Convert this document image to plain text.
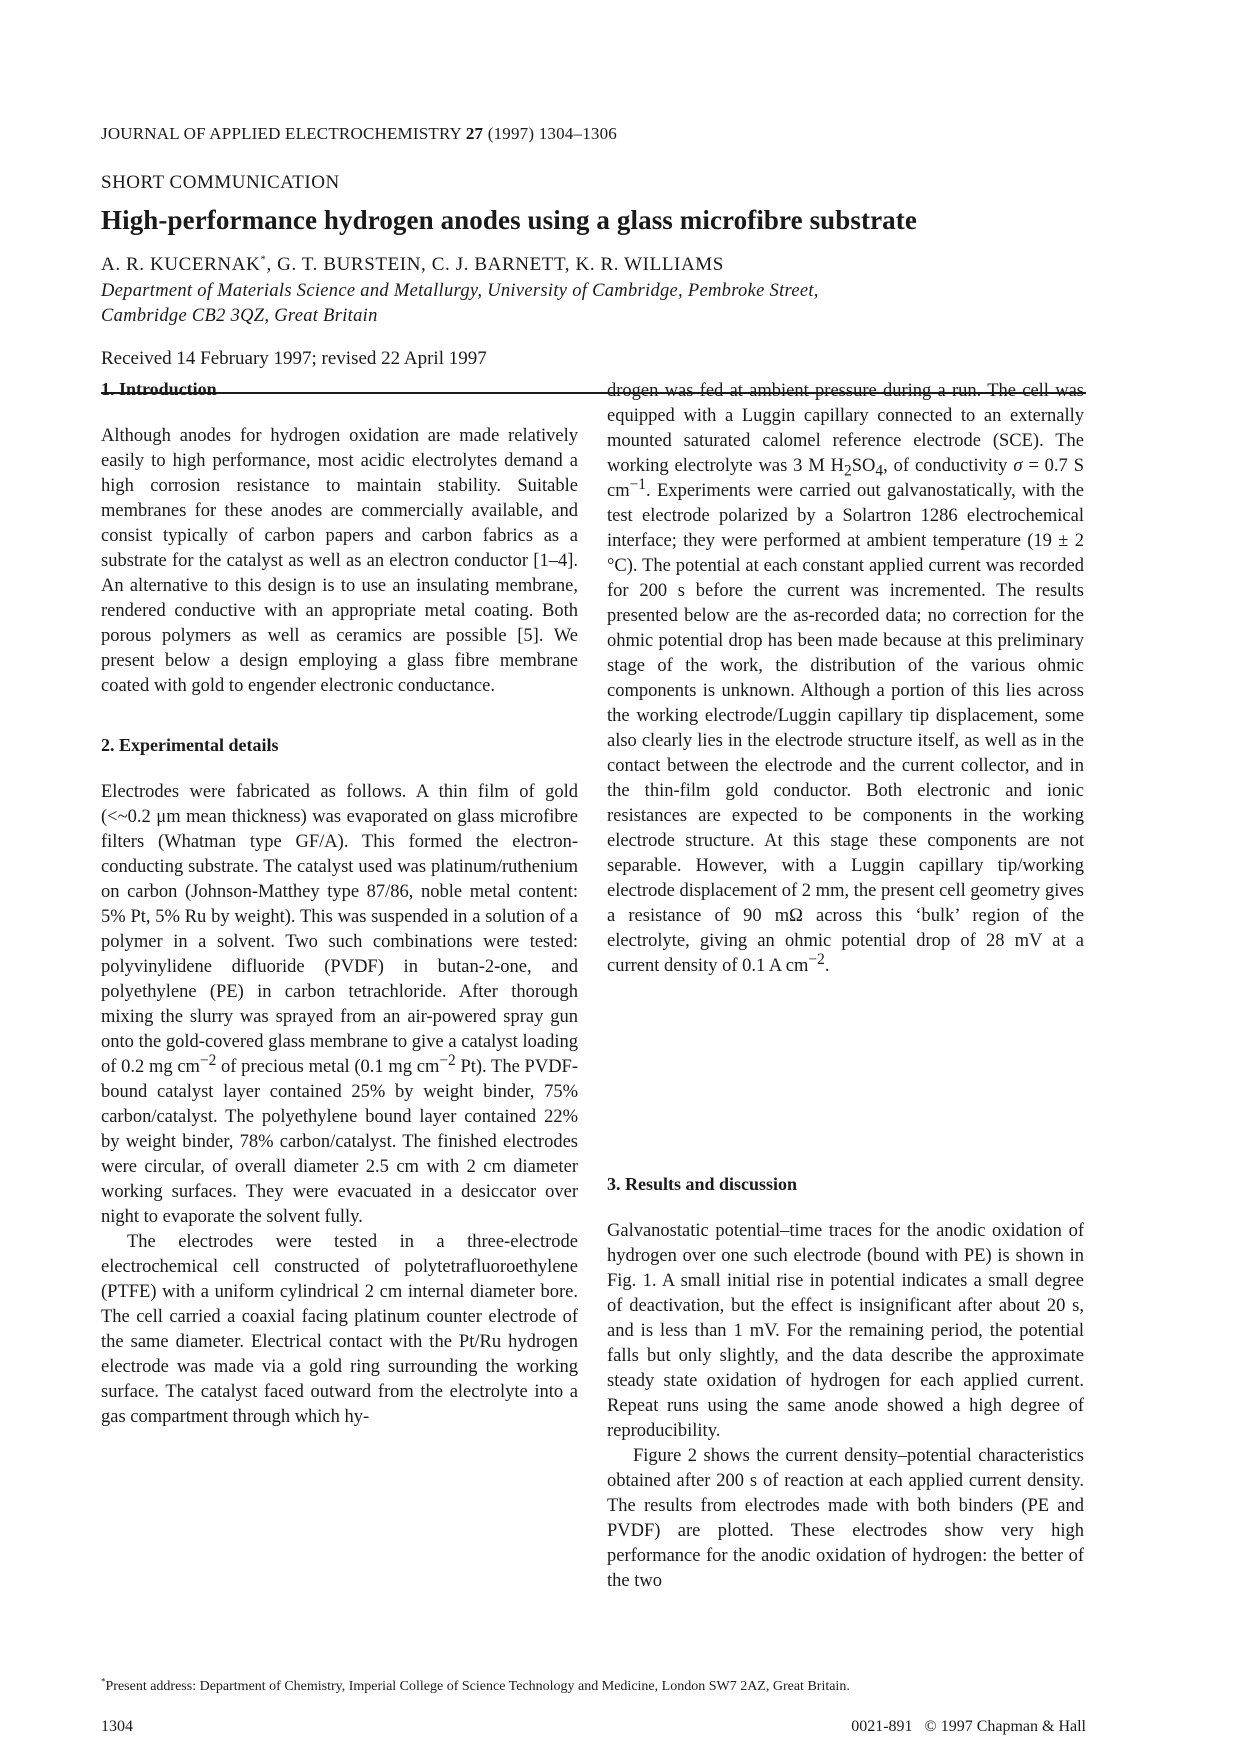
JOURNAL OF APPLIED ELECTROCHEMISTRY 27 (1997) 1304–1306
SHORT COMMUNICATION
High-performance hydrogen anodes using a glass microfibre substrate
A. R. KUCERNAK*, G. T. BURSTEIN, C. J. BARNETT, K. R. WILLIAMS
Department of Materials Science and Metallurgy, University of Cambridge, Pembroke Street,
Cambridge CB2 3QZ, Great Britain
Received 14 February 1997; revised 22 April 1997
1. Introduction

Although anodes for hydrogen oxidation are made relatively easily to high performance, most acidic electrolytes demand a high corrosion resistance to maintain stability. Suitable membranes for these anodes are commercially available, and consist typically of carbon papers and carbon fabrics as a substrate for the catalyst as well as an electron conductor [1–4]. An alternative to this design is to use an insulating membrane, rendered conductive with an appropriate metal coating. Both porous polymers as well as ceramics are possible [5]. We present below a design employing a glass fibre membrane coated with gold to engender electronic conductance.

2. Experimental details

Electrodes were fabricated as follows. A thin film of gold (<~0.2 μm mean thickness) was evaporated on glass microfibre filters (Whatman type GF/A). This formed the electron-conducting substrate. The catalyst used was platinum/ruthenium on carbon (Johnson-Matthey type 87/86, noble metal content: 5% Pt, 5% Ru by weight). This was suspended in a solution of a polymer in a solvent. Two such combinations were tested: polyvinylidene difluoride (PVDF) in butan-2-one, and polyethylene (PE) in carbon tetrachloride. After thorough mixing the slurry was sprayed from an air-powered spray gun onto the gold-covered glass membrane to give a catalyst loading of 0.2 mg $cm^{-2}$ of precious metal (0.1 mg $cm^{-2}$ Pt). The PVDF-bound catalyst layer contained 25% by weight binder, 75% carbon/catalyst. The polyethylene bound layer contained 22% by weight binder, 78% carbon/catalyst. The finished electrodes were circular, of overall diameter 2.5 cm with 2 cm diameter working surfaces. They were evacuated in a desiccator over night to evaporate the solvent fully.

The electrodes were tested in a three-electrode electrochemical cell constructed of polytetrafluoroethylene (PTFE) with a uniform cylindrical 2 cm internal diameter bore. The cell carried a coaxial facing platinum counter electrode of the same diameter. Electrical contact with the Pt/Ru hydrogen electrode was made via a gold ring surrounding the working surface. The catalyst faced outward from the electrolyte into a gas compartment through which hy-

drogen was fed at ambient pressure during a run. The cell was equipped with a Luggin capillary connected to an externally mounted saturated calomel reference electrode (SCE). The working electrolyte was 3 M $H_2SO_4$, of conductivity σ = 0.7 S $cm^{-1}$. Experiments were carried out galvanostatically, with the test electrode polarized by a Solartron 1286 electrochemical interface; they were performed at ambient temperature (19 ± 2 °C). The potential at each constant applied current was recorded for 200 s before the current was incremented. The results presented below are the as-recorded data; no correction for the ohmic potential drop has been made because at this preliminary stage of the work, the distribution of the various ohmic components is unknown. Although a portion of this lies across the working electrode/Luggin capillary tip displacement, some also clearly lies in the electrode structure itself, as well as in the contact between the electrode and the current collector, and in the thin-film gold conductor. Both electronic and ionic resistances are expected to be components in the working electrode structure. At this stage these components are not separable. However, with a Luggin capillary tip/working electrode displacement of 2 mm, the present cell geometry gives a resistance of 90 mΩ across this ‘bulk’ region of the electrolyte, giving an ohmic potential drop of 28 mV at a current density of 0.1 A $cm^{-2}$.

3. Results and discussion

Galvanostatic potential–time traces for the anodic oxidation of hydrogen over one such electrode (bound with PE) is shown in Fig. 1. A small initial rise in potential indicates a small degree of deactivation, but the effect is insignificant after about 20 s, and is less than 1 mV. For the remaining period, the potential falls but only slightly, and the data describe the approximate steady state oxidation of hydrogen for each applied current. Repeat runs using the same anode showed a high degree of reproducibility.

Figure 2 shows the current density–potential characteristics obtained after 200 s of reaction at each applied current density. The results from electrodes made with both binders (PE and PVDF) are plotted. These electrodes show very high performance for the anodic oxidation of hydrogen: the better of the two

*Present address: Department of Chemistry, Imperial College of Science Technology and Medicine, London SW7 2AZ, Great Britain.
1304	0021-891   © 1997 Chapman & Hall
